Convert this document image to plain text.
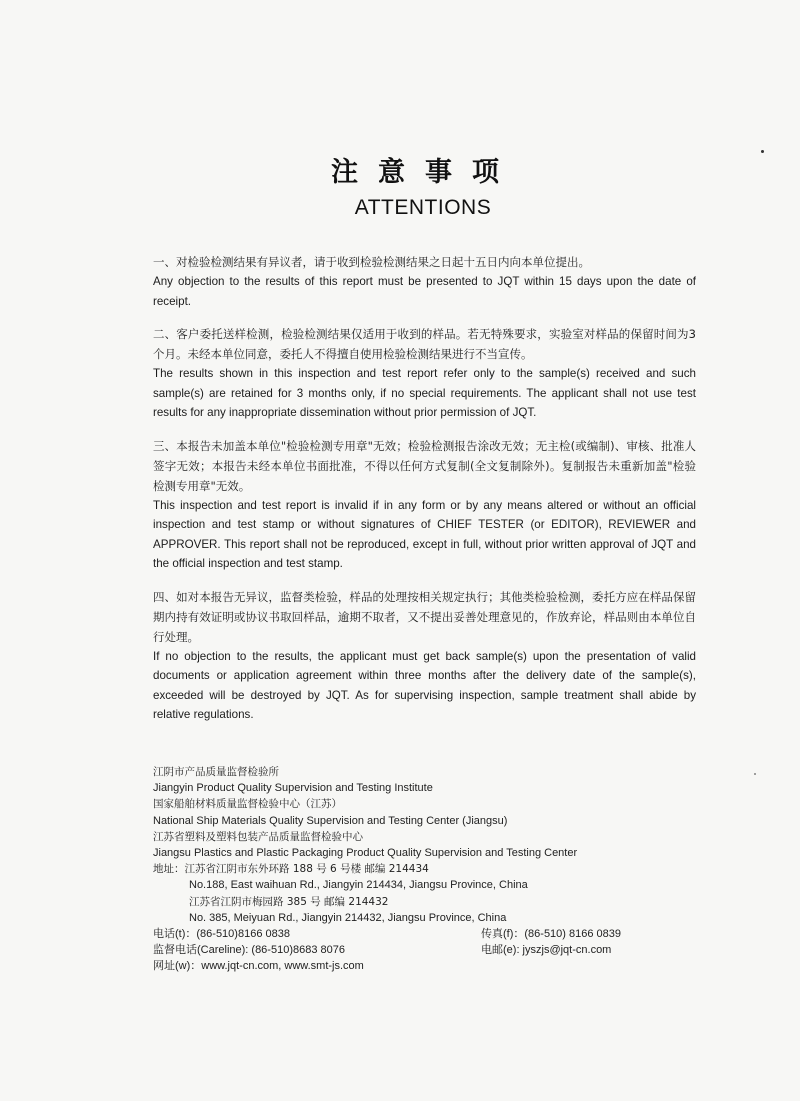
注意事项
ATTENTIONS
一、对检验检测结果有异议者，请于收到检验检测结果之日起十五日内向本单位提出。
Any objection to the results of this report must be presented to JQT within 15 days upon the date of receipt.
二、客户委托送样检测，检验检测结果仅适用于收到的样品。若无特殊要求，实验室对样品的保留时间为3个月。未经本单位同意，委托人不得擅自使用检验检测结果进行不当宣传。
The results shown in this inspection and test report refer only to the sample(s) received and such sample(s) are retained for 3 months only, if no special requirements. The applicant shall not use test results for any inappropriate dissemination without prior permission of JQT.
三、本报告未加盖本单位"检验检测专用章"无效；检验检测报告涂改无效；无主检(或编制)、审核、批准人签字无效；本报告未经本单位书面批准，不得以任何方式复制(全文复制除外)。复制报告未重新加盖"检验检测专用章"无效。
This inspection and test report is invalid if in any form or by any means altered or without an official inspection and test stamp or without signatures of CHIEF TESTER (or EDITOR), REVIEWER and APPROVER. This report shall not be reproduced, except in full, without prior written approval of JQT and the official inspection and test stamp.
四、如对本报告无异议，监督类检验，样品的处理按相关规定执行；其他类检验检测，委托方应在样品保留期内持有效证明或协议书取回样品，逾期不取者，又不提出妥善处理意见的，作放弃论，样品则由本单位自行处理。
If no objection to the results, the applicant must get back sample(s) upon the presentation of valid documents or application agreement within three months after the delivery date of the sample(s), exceeded will be destroyed by JQT. As for supervising inspection, sample treatment shall abide by relative regulations.
江阴市产品质量监督检验所
Jiangyin Product Quality Supervision and Testing Institute
国家船舶材料质量监督检验中心（江苏）
National Ship Materials Quality Supervision and Testing Center (Jiangsu)
江苏省塑料及塑料包装产品质量监督检验中心
Jiangsu Plastics and Plastic Packaging Product Quality Supervision and Testing Center
地址：江苏省江阴市东外环路 188 号 6 号楼 邮编 214434
No.188, East waihuan Rd., Jiangyin 214434, Jiangsu Province, China
江苏省江阴市梅园路 385 号 邮编 214432
No. 385, Meiyuan Rd., Jiangyin 214432, Jiangsu Province, China
电话(t)：(86-510)8166 0838	传真(f)：(86-510) 8166 0839
监督电话(Careline): (86-510)8683 8076	电邮(e): jyszjs@jqt-cn.com
网址(w)：www.jqt-cn.com, www.smt-js.com
